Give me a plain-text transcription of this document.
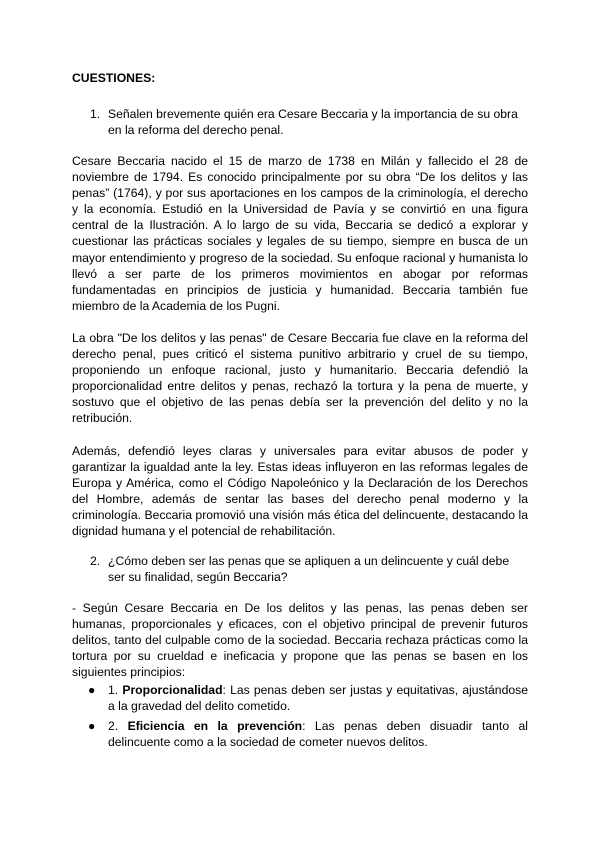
CUESTIONES:

1. Señalen brevemente quién era Cesare Beccaria y la importancia de su obra en la reforma del derecho penal.

Cesare Beccaria nacido el 15 de marzo de 1738 en Milán y fallecido el 28 de noviembre de 1794. Es conocido principalmente por su obra “De los delitos y las penas” (1764), y por sus aportaciones en los campos de la criminología, el derecho y la economía. Estudió en la Universidad de Pavía y se convirtió en una figura central de la Ilustración. A lo largo de su vida, Beccaria se dedicó a explorar y cuestionar las prácticas sociales y legales de su tiempo, siempre en busca de un mayor entendimiento y progreso de la sociedad. Su enfoque racional y humanista lo llevó a ser parte de los primeros movimientos en abogar por reformas fundamentadas en principios de justicia y humanidad. Beccaria también fue miembro de la Academia de los Pugni.

La obra "De los delitos y las penas" de Cesare Beccaria fue clave en la reforma del derecho penal, pues criticó el sistema punitivo arbitrario y cruel de su tiempo, proponiendo un enfoque racional, justo y humanitario. Beccaria defendió la proporcionalidad entre delitos y penas, rechazó la tortura y la pena de muerte, y sostuvo que el objetivo de las penas debía ser la prevención del delito y no la retribución.

Además, defendió leyes claras y universales para evitar abusos de poder y garantizar la igualdad ante la ley. Estas ideas influyeron en las reformas legales de Europa y América, como el Código Napoleónico y la Declaración de los Derechos del Hombre, además de sentar las bases del derecho penal moderno y la criminología. Beccaria promovió una visión más ética del delincuente, destacando la dignidad humana y el potencial de rehabilitación.

2. ¿Cómo deben ser las penas que se apliquen a un delincuente y cuál debe ser su finalidad, según Beccaria?

- Según Cesare Beccaria en De los delitos y las penas, las penas deben ser humanas, proporcionales y eficaces, con el objetivo principal de prevenir futuros delitos, tanto del culpable como de la sociedad. Beccaria rechaza prácticas como la tortura por su crueldad e ineficacia y propone que las penas se basen en los siguientes principios:

● 1. Proporcionalidad: Las penas deben ser justas y equitativas, ajustándose a la gravedad del delito cometido.
● 2. Eficiencia en la prevención: Las penas deben disuadir tanto al delincuente como a la sociedad de cometer nuevos delitos.
